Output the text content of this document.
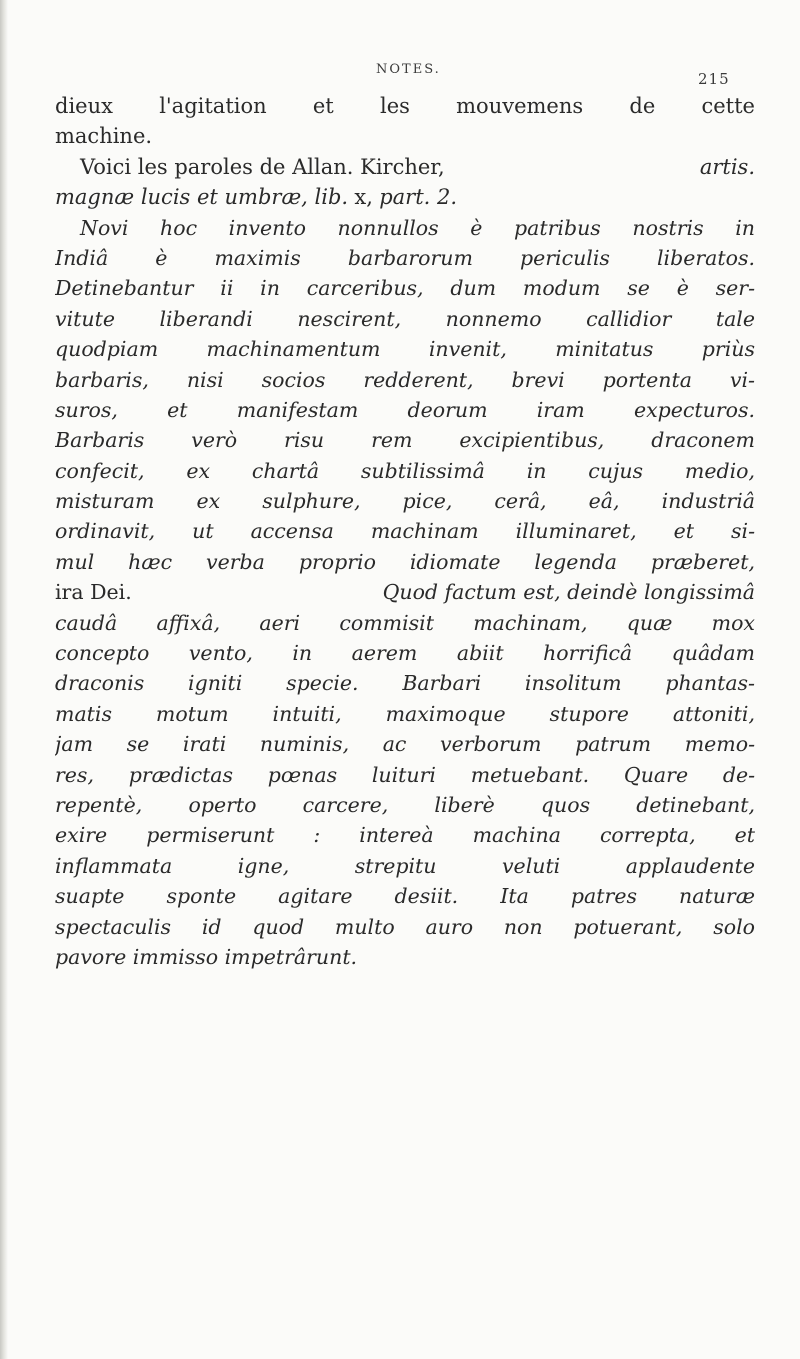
NOTES.
215
dieux l'agitation et les mouvemens de cette
machine.
Voici les paroles de Allan. Kircher,	artis.
magnæ lucis et umbræ, lib. x, part. 2.
Novi hoc invento nonnullos è patribus nostris in
Indiâ è maximis barbarorum periculis liberatos.
Detinebantur ii in carceribus, dum modum se è ser-
vitute liberandi nescirent, nonnemo callidior tale
quodpiam machinamentum invenit, minitatus priùs
barbaris, nisi socios redderent, brevi portenta vi-
suros, et manifestam deorum iram expecturos.
Barbaris verò risu rem excipientibus, draconem
confecit, ex chartâ subtilissimâ in cujus medio,
misturam ex sulphure, pice, cerâ, eâ, industriâ
ordinavit, ut accensa machinam illuminaret, et si-
mul hæc verba proprio idiomate legenda præberet,
ira Dei.	Quod factum est, deindè longissimâ
caudâ affixâ, aeri commisit machinam, quæ mox
concepto vento, in aerem abiit horrificâ quâdam
draconis igniti specie. Barbari insolitum phantas-
matis motum intuiti, maximoque stupore attoniti,
jam se irati numinis, ac verborum patrum memo-
res, prædictas pœnas luituri metuebant. Quare de-
repentè, operto carcere, liberè quos detinebant,
exire permiserunt : intereà machina correpta, et
inflammata igne, strepitu veluti applaudente
suapte sponte agitare desiit. Ita patres naturæ
spectaculis id quod multo auro non potuerant, solo
pavore immisso impetrârunt.
